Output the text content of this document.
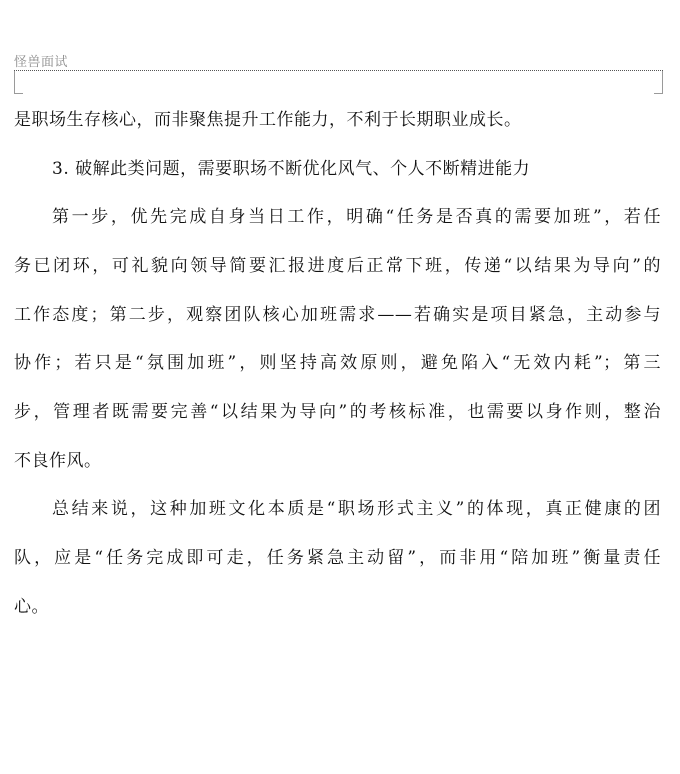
怪兽面试
是职场生存核心，而非聚焦提升工作能力，不利于长期职业成长。
3. 破解此类问题，需要职场不断优化风气、个人不断精进能力
第一步，优先完成自身当日工作，明确“任务是否真的需要加班”，若任
务已闭环，可礼貌向领导简要汇报进度后正常下班，传递“以结果为导向”的
工作态度；第二步，观察团队核心加班需求——若确实是项目紧急，主动参与
协作；若只是“氛围加班”，则坚持高效原则，避免陷入“无效内耗”；第三
步，管理者既需要完善“以结果为导向”的考核标准，也需要以身作则，整治
不良作风。
总结来说，这种加班文化本质是“职场形式主义”的体现，真正健康的团
队，应是“任务完成即可走，任务紧急主动留”，而非用“陪加班”衡量责任
心。
